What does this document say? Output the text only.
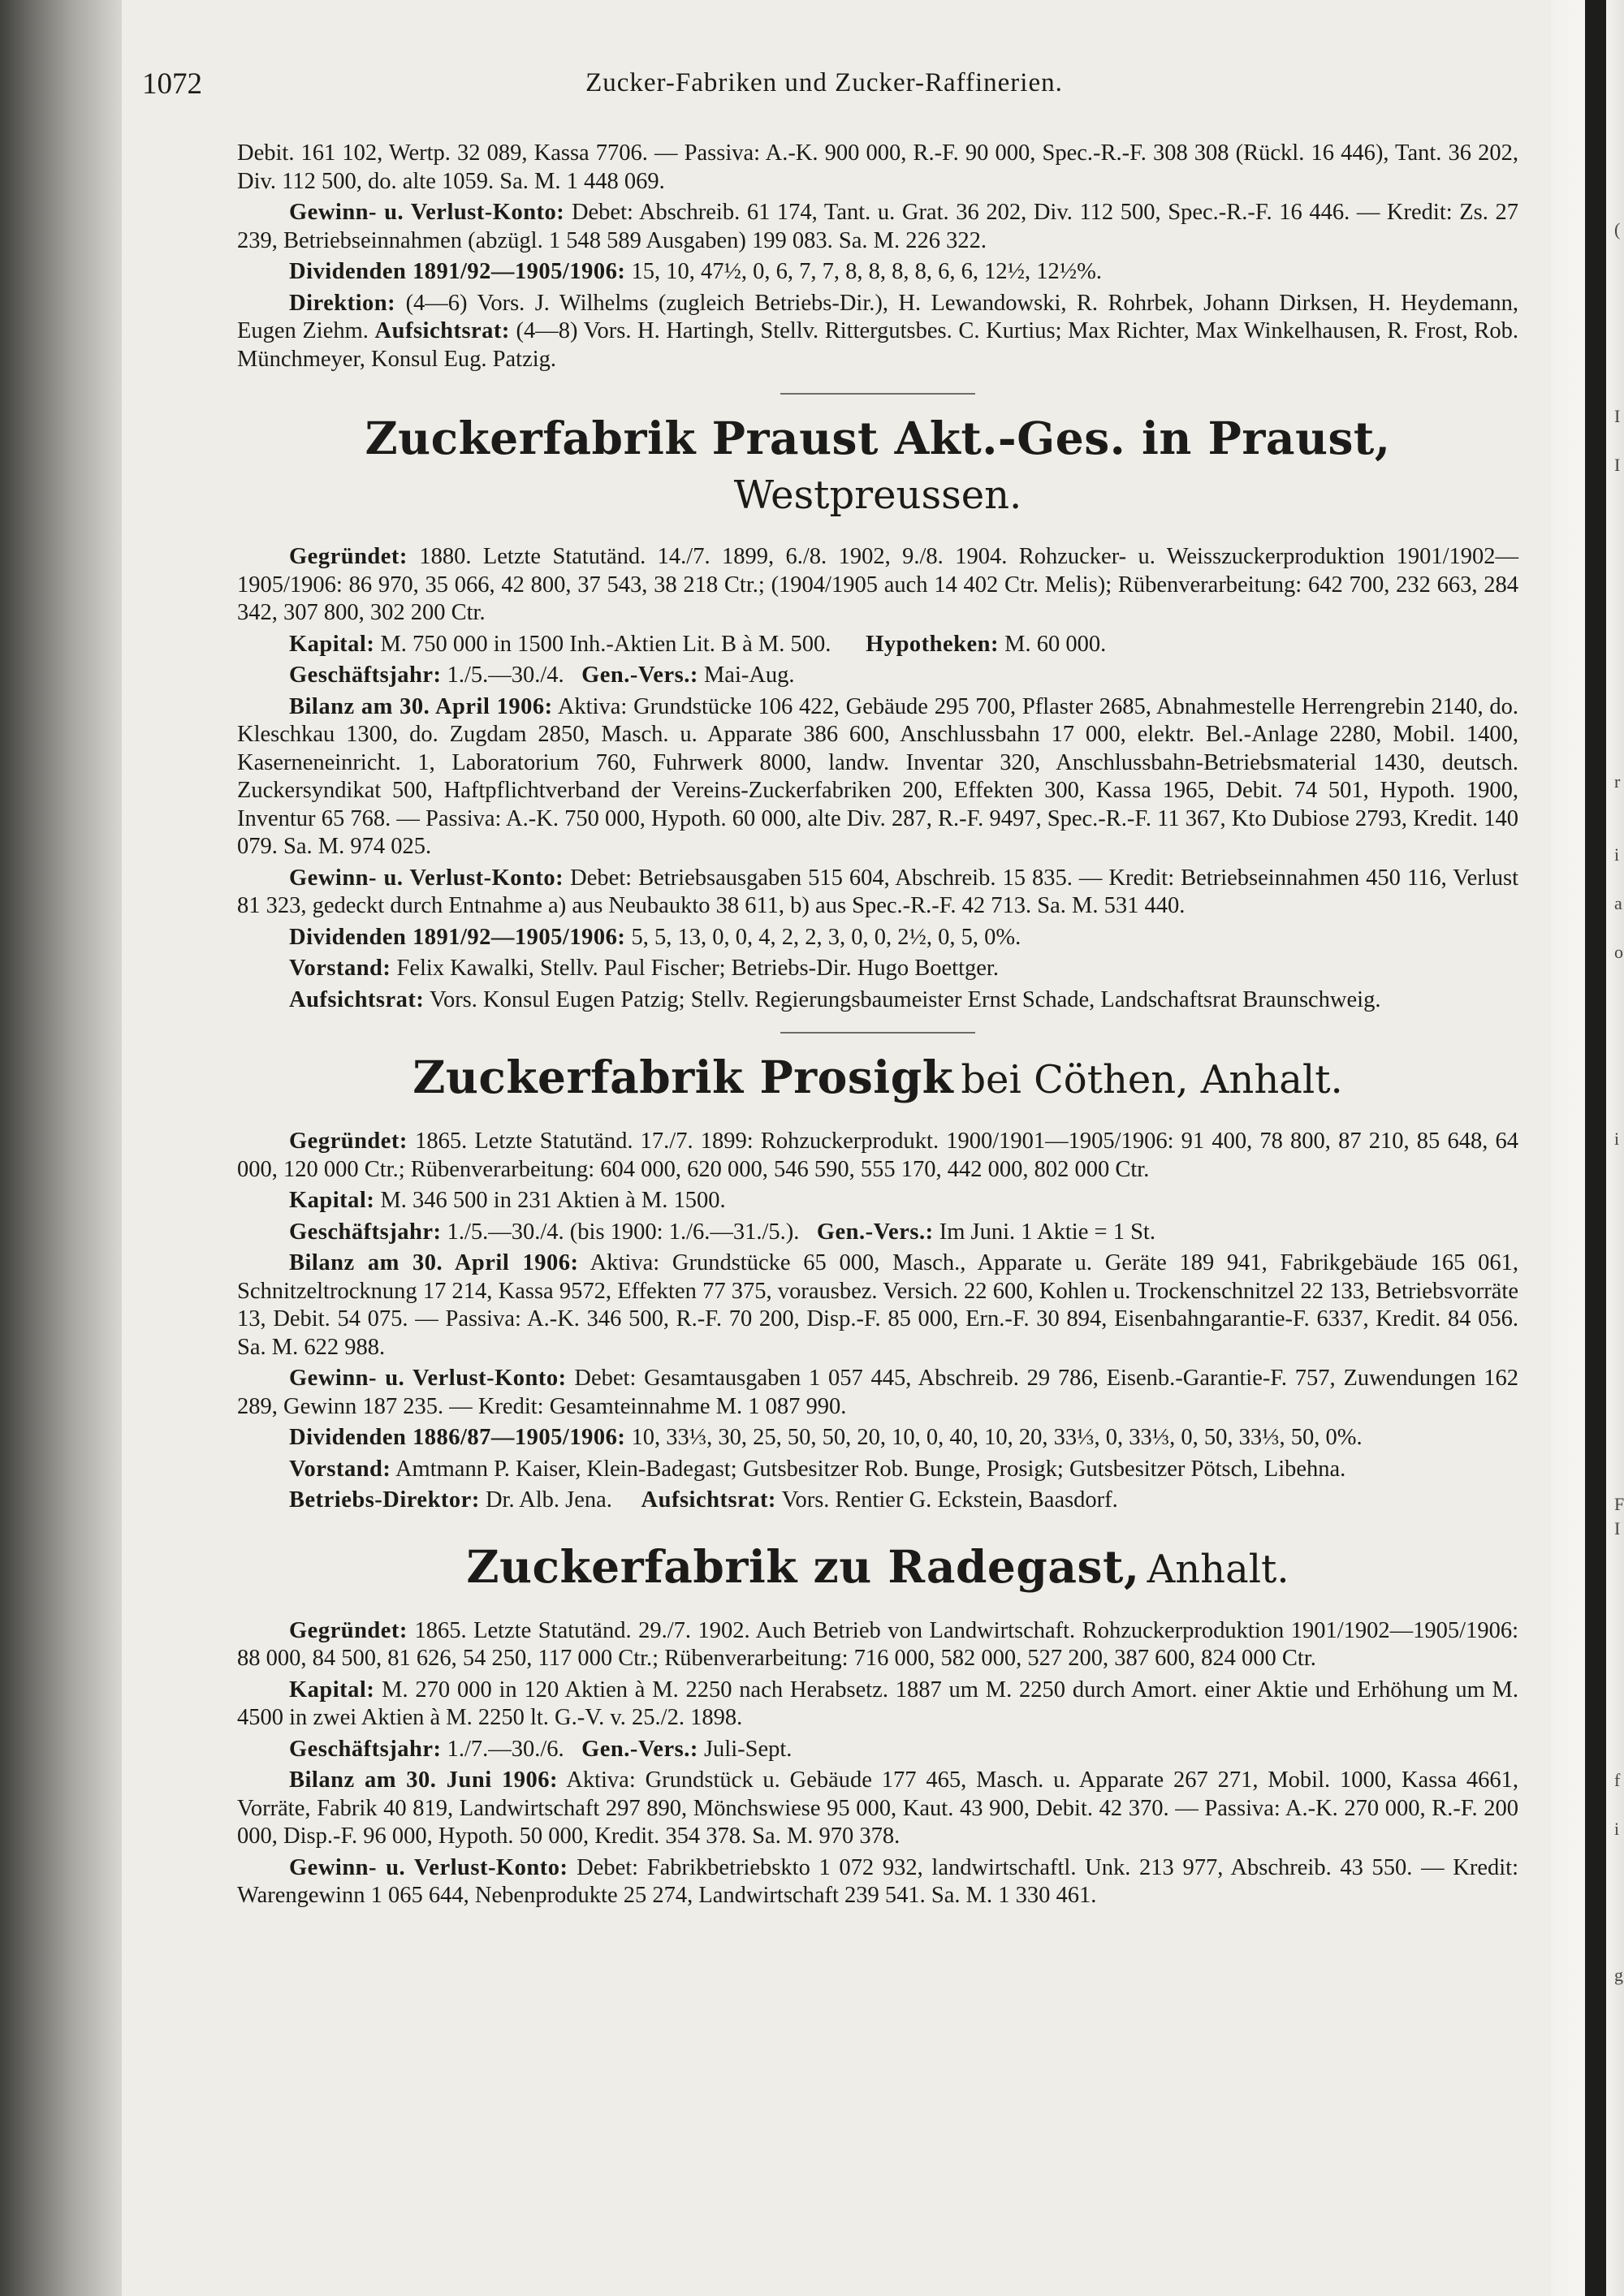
(
I
I
r
i
a
o
i
F
I
f
i
g
1072	Zucker-Fabriken und Zucker-Raffinerien.

Debit. 161 102, Wertp. 32 089, Kassa 7706. — Passiva: A.-K. 900 000, R.-F. 90 000, Spec.-R.-F. 308 308 (Rückl. 16 446), Tant. 36 202, Div. 112 500, do. alte 1059. Sa. M. 1 448 069.

Gewinn- u. Verlust-Konto: Debet: Abschreib. 61 174, Tant. u. Grat. 36 202, Div. 112 500, Spec.-R.-F. 16 446. — Kredit: Zs. 27 239, Betriebseinnahmen (abzügl. 1 548 589 Ausgaben) 199 083. Sa. M. 226 322.

Dividenden 1891/92—1905/1906: 15, 10, 47½, 0, 6, 7, 7, 8, 8, 8, 8, 6, 6, 12½, 12½%.

Direktion: (4—6) Vors. J. Wilhelms (zugleich Betriebs-Dir.), H. Lewandowski, R. Rohrbek, Johann Dirksen, H. Heydemann, Eugen Ziehm. Aufsichtsrat: (4—8) Vors. H. Hartingh, Stellv. Rittergutsbes. C. Kurtius; Max Richter, Max Winkelhausen, R. Frost, Rob. Münchmeyer, Konsul Eug. Patzig.

Zuckerfabrik Praust Akt.-Ges. in Praust, Westpreussen.

Gegründet: 1880. Letzte Statutänd. 14./7. 1899, 6./8. 1902, 9./8. 1904. Rohzucker- u. Weisszuckerproduktion 1901/1902—1905/1906: 86 970, 35 066, 42 800, 37 543, 38 218 Ctr.; (1904/1905 auch 14 402 Ctr. Melis); Rübenverarbeitung: 642 700, 232 663, 284 342, 307 800, 302 200 Ctr.

Kapital: M. 750 000 in 1500 Inh.-Aktien Lit. B à M. 500. Hypotheken: M. 60 000.

Geschäftsjahr: 1./5.—30./4. Gen.-Vers.: Mai-Aug.

Bilanz am 30. April 1906: Aktiva: Grundstücke 106 422, Gebäude 295 700, Pflaster 2685, Abnahmestelle Herrengrebin 2140, do. Kleschkau 1300, do. Zugdam 2850, Masch. u. Apparate 386 600, Anschlussbahn 17 000, elektr. Bel.-Anlage 2280, Mobil. 1400, Kaserneneinricht. 1, Laboratorium 760, Fuhrwerk 8000, landw. Inventar 320, Anschlussbahn-Betriebsmaterial 1430, deutsch. Zuckersyndikat 500, Haftpflichtverband der Vereins-Zuckerfabriken 200, Effekten 300, Kassa 1965, Debit. 74 501, Hypoth. 1900, Inventur 65 768. — Passiva: A.-K. 750 000, Hypoth. 60 000, alte Div. 287, R.-F. 9497, Spec.-R.-F. 11 367, Kto Dubiose 2793, Kredit. 140 079. Sa. M. 974 025.

Gewinn- u. Verlust-Konto: Debet: Betriebsausgaben 515 604, Abschreib. 15 835. — Kredit: Betriebseinnahmen 450 116, Verlust 81 323, gedeckt durch Entnahme a) aus Neubaukto 38 611, b) aus Spec.-R.-F. 42 713. Sa. M. 531 440.

Dividenden 1891/92—1905/1906: 5, 5, 13, 0, 0, 4, 2, 2, 3, 0, 0, 2½, 0, 5, 0%.

Vorstand: Felix Kawalki, Stellv. Paul Fischer; Betriebs-Dir. Hugo Boettger.

Aufsichtsrat: Vors. Konsul Eugen Patzig; Stellv. Regierungsbaumeister Ernst Schade, Landschaftsrat Braunschweig.

Zuckerfabrik Prosigk bei Cöthen, Anhalt.

Gegründet: 1865. Letzte Statutänd. 17./7. 1899: Rohzuckerprodukt. 1900/1901—1905/1906: 91 400, 78 800, 87 210, 85 648, 64 000, 120 000 Ctr.; Rübenverarbeitung: 604 000, 620 000, 546 590, 555 170, 442 000, 802 000 Ctr.

Kapital: M. 346 500 in 231 Aktien à M. 1500.

Geschäftsjahr: 1./5.—30./4. (bis 1900: 1./6.—31./5.). Gen.-Vers.: Im Juni. 1 Aktie = 1 St.

Bilanz am 30. April 1906: Aktiva: Grundstücke 65 000, Masch., Apparate u. Geräte 189 941, Fabrikgebäude 165 061, Schnitzeltrocknung 17 214, Kassa 9572, Effekten 77 375, vorausbez. Versich. 22 600, Kohlen u. Trockenschnitzel 22 133, Betriebsvorräte 13, Debit. 54 075. — Passiva: A.-K. 346 500, R.-F. 70 200, Disp.-F. 85 000, Ern.-F. 30 894, Eisenbahngarantie-F. 6337, Kredit. 84 056. Sa. M. 622 988.

Gewinn- u. Verlust-Konto: Debet: Gesamtausgaben 1 057 445, Abschreib. 29 786, Eisenb.-Garantie-F. 757, Zuwendungen 162 289, Gewinn 187 235. — Kredit: Gesamteinnahme M. 1 087 990.

Dividenden 1886/87—1905/1906: 10, 33⅓, 30, 25, 50, 50, 20, 10, 0, 40, 10, 20, 33⅓, 0, 33⅓, 0, 50, 33⅓, 50, 0%.

Vorstand: Amtmann P. Kaiser, Klein-Badegast; Gutsbesitzer Rob. Bunge, Prosigk; Gutsbesitzer Pötsch, Libehna.

Betriebs-Direktor: Dr. Alb. Jena. Aufsichtsrat: Vors. Rentier G. Eckstein, Baasdorf.

Zuckerfabrik zu Radegast, Anhalt.

Gegründet: 1865. Letzte Statutänd. 29./7. 1902. Auch Betrieb von Landwirtschaft. Rohzuckerproduktion 1901/1902—1905/1906: 88 000, 84 500, 81 626, 54 250, 117 000 Ctr.; Rübenverarbeitung: 716 000, 582 000, 527 200, 387 600, 824 000 Ctr.

Kapital: M. 270 000 in 120 Aktien à M. 2250 nach Herabsetz. 1887 um M. 2250 durch Amort. einer Aktie und Erhöhung um M. 4500 in zwei Aktien à M. 2250 lt. G.-V. v. 25./2. 1898.

Geschäftsjahr: 1./7.—30./6. Gen.-Vers.: Juli-Sept.

Bilanz am 30. Juni 1906: Aktiva: Grundstück u. Gebäude 177 465, Masch. u. Apparate 267 271, Mobil. 1000, Kassa 4661, Vorräte, Fabrik 40 819, Landwirtschaft 297 890, Mönchswiese 95 000, Kaut. 43 900, Debit. 42 370. — Passiva: A.-K. 270 000, R.-F. 200 000, Disp.-F. 96 000, Hypoth. 50 000, Kredit. 354 378. Sa. M. 970 378.

Gewinn- u. Verlust-Konto: Debet: Fabrikbetriebskto 1 072 932, landwirtschaftl. Unk. 213 977, Abschreib. 43 550. — Kredit: Warengewinn 1 065 644, Nebenprodukte 25 274, Landwirtschaft 239 541. Sa. M. 1 330 461.
